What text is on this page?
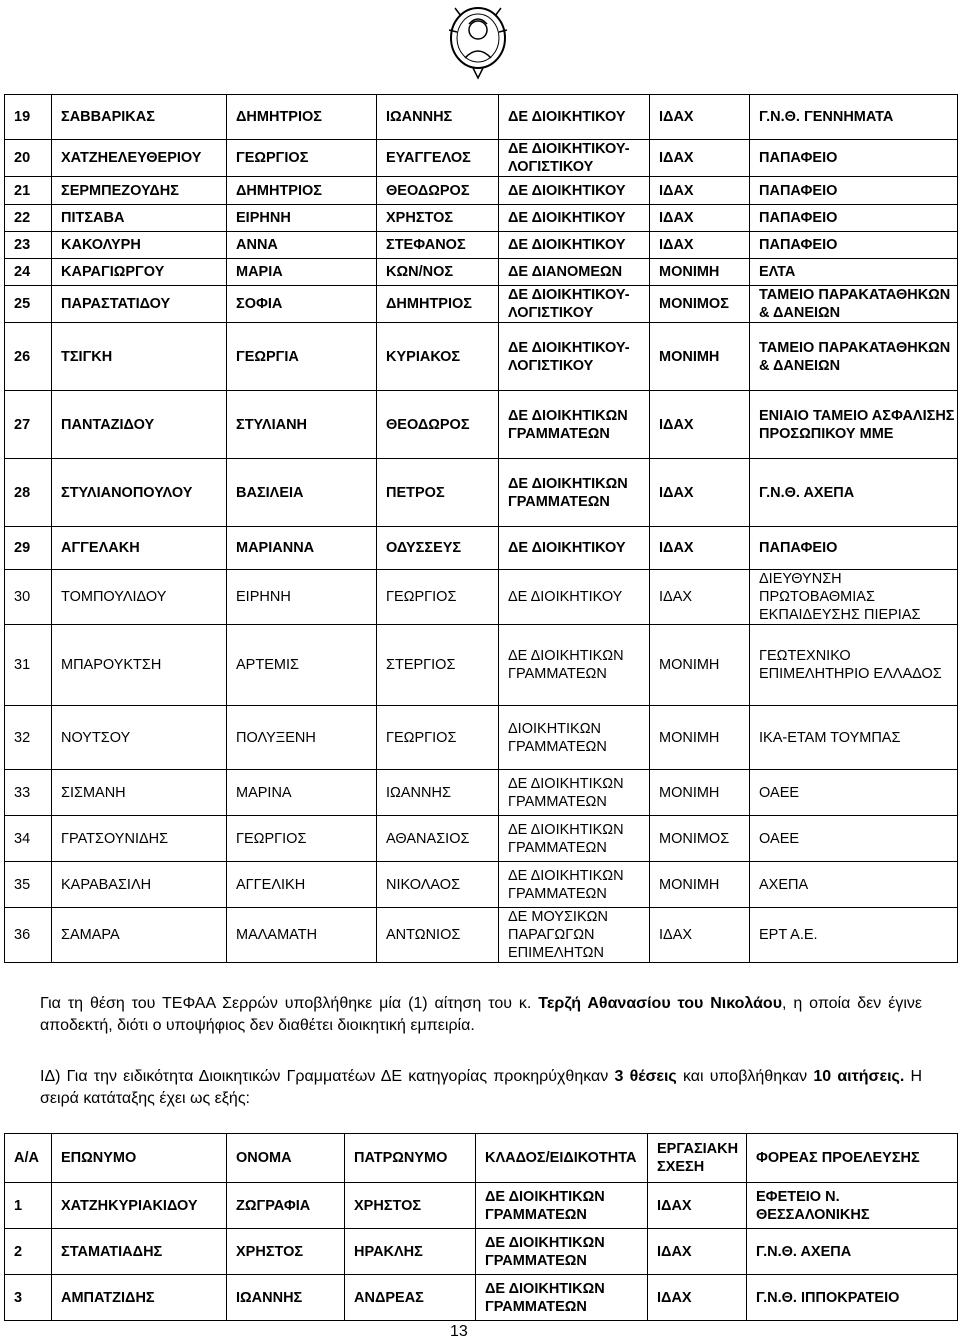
19	ΣΑΒΒΑΡΙΚΑΣ	ΔΗΜΗΤΡΙΟΣ	ΙΩΑΝΝΗΣ	ΔΕ ΔΙΟΙΚΗΤΙΚΟΥ	ΙΔΑΧ	Γ.Ν.Θ. ΓΕΝΝΗΜΑΤΑ
20	ΧΑΤΖΗΕΛΕΥΘΕΡΙΟΥ	ΓΕΩΡΓΙΟΣ	ΕΥΑΓΓΕΛΟΣ	ΔΕ ΔΙΟΙΚΗΤΙΚΟΥ- ΛΟΓΙΣΤΙΚΟΥ	ΙΔΑΧ	ΠΑΠΑΦΕΙΟ
21	ΣΕΡΜΠΕΖΟΥΔΗΣ	ΔΗΜΗΤΡΙΟΣ	ΘΕΟΔΩΡΟΣ	ΔΕ ΔΙΟΙΚΗΤΙΚΟΥ	ΙΔΑΧ	ΠΑΠΑΦΕΙΟ
22	ΠΙΤΣΑΒΑ	ΕΙΡΗΝΗ	ΧΡΗΣΤΟΣ	ΔΕ ΔΙΟΙΚΗΤΙΚΟΥ	ΙΔΑΧ	ΠΑΠΑΦΕΙΟ
23	ΚΑΚΟΛΥΡΗ	ΑΝΝΑ	ΣΤΕΦΑΝΟΣ	ΔΕ ΔΙΟΙΚΗΤΙΚΟΥ	ΙΔΑΧ	ΠΑΠΑΦΕΙΟ
24	ΚΑΡΑΓΙΩΡΓΟΥ	ΜΑΡΙΑ	ΚΩΝ/ΝΟΣ	ΔΕ ΔΙΑΝΟΜΕΩΝ	ΜΟΝΙΜΗ	ΕΛΤΑ
25	ΠΑΡΑΣΤΑΤΙΔΟΥ	ΣΟΦΙΑ	ΔΗΜΗΤΡΙΟΣ	ΔΕ ΔΙΟΙΚΗΤΙΚΟΥ- ΛΟΓΙΣΤΙΚΟΥ	ΜΟΝΙΜΟΣ	ΤΑΜΕΙΟ ΠΑΡΑΚΑΤΑΘΗΚΩΝ & ΔΑΝΕΙΩΝ
26	ΤΣΙΓΚΗ	ΓΕΩΡΓΙΑ	ΚΥΡΙΑΚΟΣ	ΔΕ ΔΙΟΙΚΗΤΙΚΟΥ- ΛΟΓΙΣΤΙΚΟΥ	ΜΟΝΙΜΗ	ΤΑΜΕΙΟ ΠΑΡΑΚΑΤΑΘΗΚΩΝ & ΔΑΝΕΙΩΝ
27	ΠΑΝΤΑΖΙΔΟΥ	ΣΤΥΛΙΑΝΗ	ΘΕΟΔΩΡΟΣ	ΔΕ ΔΙΟΙΚΗΤΙΚΩΝ ΓΡΑΜΜΑΤΕΩΝ	ΙΔΑΧ	ΕΝΙΑΙΟ ΤΑΜΕΙΟ ΑΣΦΑΛΙΣΗΣ ΠΡΟΣΩΠΙΚΟΥ ΜΜΕ
28	ΣΤΥΛΙΑΝΟΠΟΥΛΟΥ	ΒΑΣΙΛΕΙΑ	ΠΕΤΡΟΣ	ΔΕ ΔΙΟΙΚΗΤΙΚΩΝ ΓΡΑΜΜΑΤΕΩΝ	ΙΔΑΧ	Γ.Ν.Θ. ΑΧΕΠΑ
29	ΑΓΓΕΛΑΚΗ	ΜΑΡΙΑΝΝΑ	ΟΔΥΣΣΕΥΣ	ΔΕ ΔΙΟΙΚΗΤΙΚΟΥ	ΙΔΑΧ	ΠΑΠΑΦΕΙΟ
30	ΤΟΜΠΟΥΛΙΔΟΥ	ΕΙΡΗΝΗ	ΓΕΩΡΓΙΟΣ	ΔΕ ΔΙΟΙΚΗΤΙΚΟΥ	ΙΔΑΧ	ΔΙΕΥΘΥΝΣΗ ΠΡΩΤΟΒΑΘΜΙΑΣ ΕΚΠΑΙΔΕΥΣΗΣ ΠΙΕΡΙΑΣ
31	ΜΠΑΡΟΥΚΤΣΗ	ΑΡΤΕΜΙΣ	ΣΤΕΡΓΙΟΣ	ΔΕ ΔΙΟΙΚΗΤΙΚΩΝ ΓΡΑΜΜΑΤΕΩΝ	ΜΟΝΙΜΗ	ΓΕΩΤΕΧΝΙΚΟ ΕΠΙΜΕΛΗΤΗΡΙΟ ΕΛΛΑΔΟΣ
32	ΝΟΥΤΣΟΥ	ΠΟΛΥΞΕΝΗ	ΓΕΩΡΓΙΟΣ	ΔΙΟΙΚΗΤΙΚΩΝ ΓΡΑΜΜΑΤΕΩΝ	ΜΟΝΙΜΗ	ΙΚΑ-ΕΤΑΜ ΤΟΥΜΠΑΣ
33	ΣΙΣΜΑΝΗ	ΜΑΡΙΝΑ	ΙΩΑΝΝΗΣ	ΔΕ ΔΙΟΙΚΗΤΙΚΩΝ ΓΡΑΜΜΑΤΕΩΝ	ΜΟΝΙΜΗ	ΟΑΕΕ
34	ΓΡΑΤΣΟΥΝΙΔΗΣ	ΓΕΩΡΓΙΟΣ	ΑΘΑΝΑΣΙΟΣ	ΔΕ ΔΙΟΙΚΗΤΙΚΩΝ ΓΡΑΜΜΑΤΕΩΝ	ΜΟΝΙΜΟΣ	ΟΑΕΕ
35	ΚΑΡΑΒΑΣΙΛΗ	ΑΓΓΕΛΙΚΗ	ΝΙΚΟΛΑΟΣ	ΔΕ ΔΙΟΙΚΗΤΙΚΩΝ ΓΡΑΜΜΑΤΕΩΝ	ΜΟΝΙΜΗ	ΑΧΕΠΑ
36	ΣΑΜΑΡΑ	ΜΑΛΑΜΑΤΗ	ΑΝΤΩΝΙΟΣ	ΔΕ ΜΟΥΣΙΚΩΝ ΠΑΡΑΓΩΓΩΝ ΕΠΙΜΕΛΗΤΩΝ	ΙΔΑΧ	ΕΡΤ Α.Ε.
Για τη θέση του ΤΕΦΑΑ Σερρών υποβλήθηκε μία (1) αίτηση του κ. Τερζή Αθανασίου του Νικολάου, η οποία δεν έγινε αποδεκτή, διότι ο υποψήφιος δεν διαθέτει διοικητική εμπειρία.
ΙΔ) Για την ειδικότητα Διοικητικών Γραμματέων ΔΕ κατηγορίας προκηρύχθηκαν 3 θέσεις και υποβλήθηκαν 10 αιτήσεις. Η σειρά κατάταξης έχει ως εξής:
Α/Α	ΕΠΩΝΥΜΟ	ΟΝΟΜΑ	ΠΑΤΡΩΝΥΜΟ	ΚΛΑΔΟΣ/ΕΙΔΙΚΟΤΗΤΑ	ΕΡΓΑΣΙΑΚΗ ΣΧΕΣΗ	ΦΟΡΕΑΣ ΠΡΟΕΛΕΥΣΗΣ
1	ΧΑΤΖΗΚΥΡΙΑΚΙΔΟΥ	ΖΩΓΡΑΦΙΑ	ΧΡΗΣΤΟΣ	ΔΕ ΔΙΟΙΚΗΤΙΚΩΝ ΓΡΑΜΜΑΤΕΩΝ	ΙΔΑΧ	ΕΦΕΤΕΙΟ Ν. ΘΕΣΣΑΛΟΝΙΚΗΣ
2	ΣΤΑΜΑΤΙΑΔΗΣ	ΧΡΗΣΤΟΣ	ΗΡΑΚΛΗΣ	ΔΕ ΔΙΟΙΚΗΤΙΚΩΝ ΓΡΑΜΜΑΤΕΩΝ	ΙΔΑΧ	Γ.Ν.Θ. ΑΧΕΠΑ
3	ΑΜΠΑΤΖΙΔΗΣ	ΙΩΑΝΝΗΣ	ΑΝΔΡΕΑΣ	ΔΕ ΔΙΟΙΚΗΤΙΚΩΝ ΓΡΑΜΜΑΤΕΩΝ	ΙΔΑΧ	Γ.Ν.Θ. ΙΠΠΟΚΡΑΤΕΙΟ
13
